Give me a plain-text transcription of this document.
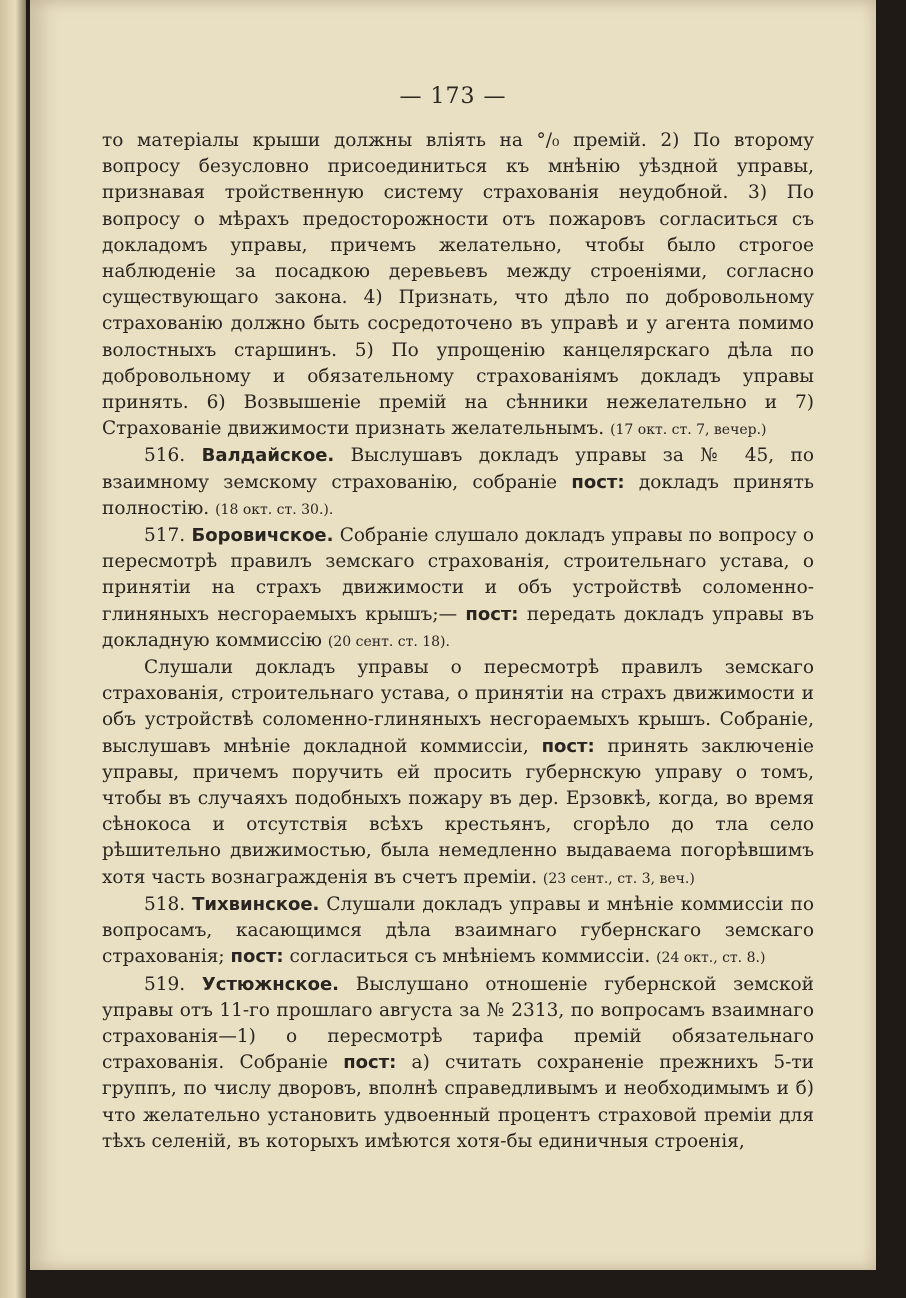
— 173 —

то матеріалы крыши должны влiять на °/₀ премій. 2) По второму вопросу безусловно присоединиться къ мнѣнію уѣздной управы, признавая тройственную систему страхованія неудобной. 3) По вопросу о мѣрахъ предосторожности отъ пожаровъ согласиться съ докладомъ управы, причемъ желательно, чтобы было строгое наблюденіе за посадкою деревьевъ между строеніями, согласно существующаго закона. 4) Признать, что дѣло по добровольному страхованію должно быть сосредоточено въ управѣ и у агента помимо волостныхъ старшинъ. 5) По упрощенію канцелярскаго дѣла по добровольному и обязательному страхованіямъ докладъ управы принять. 6) Возвышеніе премій на сѣнники нежелательно и 7) Страхованіе движимости признать желательнымъ. (17 окт. ст. 7, вечер.)

516. Валдайское. Выслушавъ докладъ управы за № 45, по взаимному земскому страхованію, собраніе пост: докладъ принять полностію. (18 окт. ст. 30.).

517. Боровичское. Собраніе слушало докладъ управы по вопросу о пересмотрѣ правилъ земскаго страхованія, строительнаго устава, о принятіи на страхъ движимости и объ устройствѣ соломенно-глиняныхъ несгораемыхъ крышъ;— пост: передать докладъ управы въ докладную коммиссію (20 сент. ст. 18).

Слушали докладъ управы о пересмотрѣ правилъ земскаго страхованія, строительнаго устава, о принятіи на страхъ движимости и объ устройствѣ соломенно-глиняныхъ несгораемыхъ крышъ. Собраніе, выслушавъ мнѣніе докладной коммиссіи, пост: принять заключеніе управы, причемъ поручить ей просить губернскую управу о томъ, чтобы въ случаяхъ подобныхъ пожару въ дер. Ерзовкѣ, когда, во время сѣнокоса и отсутствія всѣхъ крестьянъ, сгорѣло до тла село рѣшительно движимостью, была немедленно выдаваема погорѣвшимъ хотя часть вознагражденія въ счетъ преміи. (23 сент., ст. 3, веч.)

518. Тихвинское. Слушали докладъ управы и мнѣніе коммиссіи по вопросамъ, касающимся дѣла взаимнаго губернскаго земскаго страхованія; пост: согласиться съ мнѣніемъ коммиссіи. (24 окт., ст. 8.)

519. Устюжнское. Выслушано отношеніе губернской земской управы отъ 11-го прошлаго августа за № 2313, по вопросамъ взаимнаго страхованія—1) о пересмотрѣ тарифа премій обязательнаго страхованія. Собраніе пост: а) считать сохраненіе прежнихъ 5-ти группъ, по числу дворовъ, вполнѣ справедливымъ и необходимымъ и б) что желательно установить удвоенный процентъ страховой преміи для тѣхъ селеній, въ которыхъ имѣются хотя-бы единичныя строенія,
